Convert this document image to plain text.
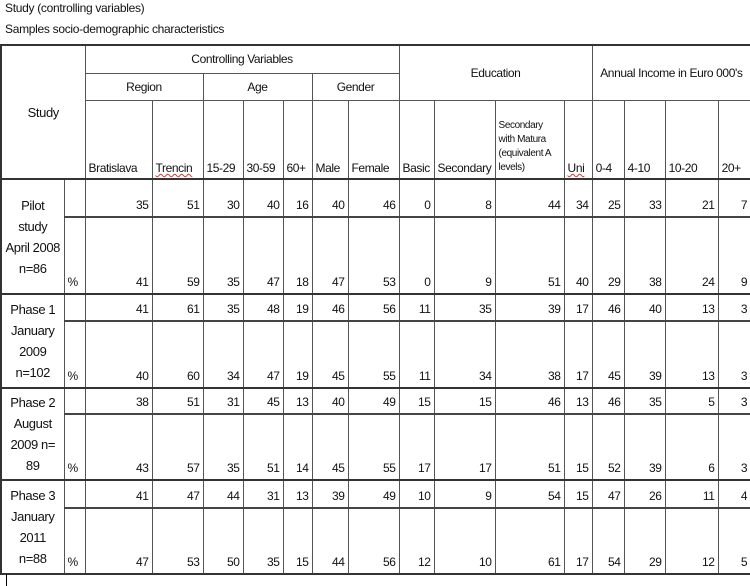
Study (controlling variables)
Samples socio-demographic characteristics
Study		Controlling Variables							Education				Annual Income in Euro 000's			
		Region		Age			Gender									
		Bratislava	Trencin	15-29	30-59	60+	Male	Female	Basic	Secondary	Secondary with Matura (equivalent A levels)	Uni	0-4	4-10	10-20	20+
Pilot study April 2008 n=86		35	51	30	40	16	40	46	0	8	44	34	25	33	21	7
	%	41	59	35	47	18	47	53	0	9	51	40	29	38	24	9
Phase 1 January 2009 n=102		41	61	35	48	19	46	56	11	35	39	17	46	40	13	3
	%	40	60	34	47	19	45	55	11	34	38	17	45	39	13	3
Phase 2 August 2009 n= 89		38	51	31	45	13	40	49	15	15	46	13	46	35	5	3
	%	43	57	35	51	14	45	55	17	17	51	15	52	39	6	3
Phase 3 January 2011 n=88		41	47	44	31	13	39	49	10	9	54	15	47	26	11	4
	%	47	53	50	35	15	44	56	12	10	61	17	54	29	12	5
